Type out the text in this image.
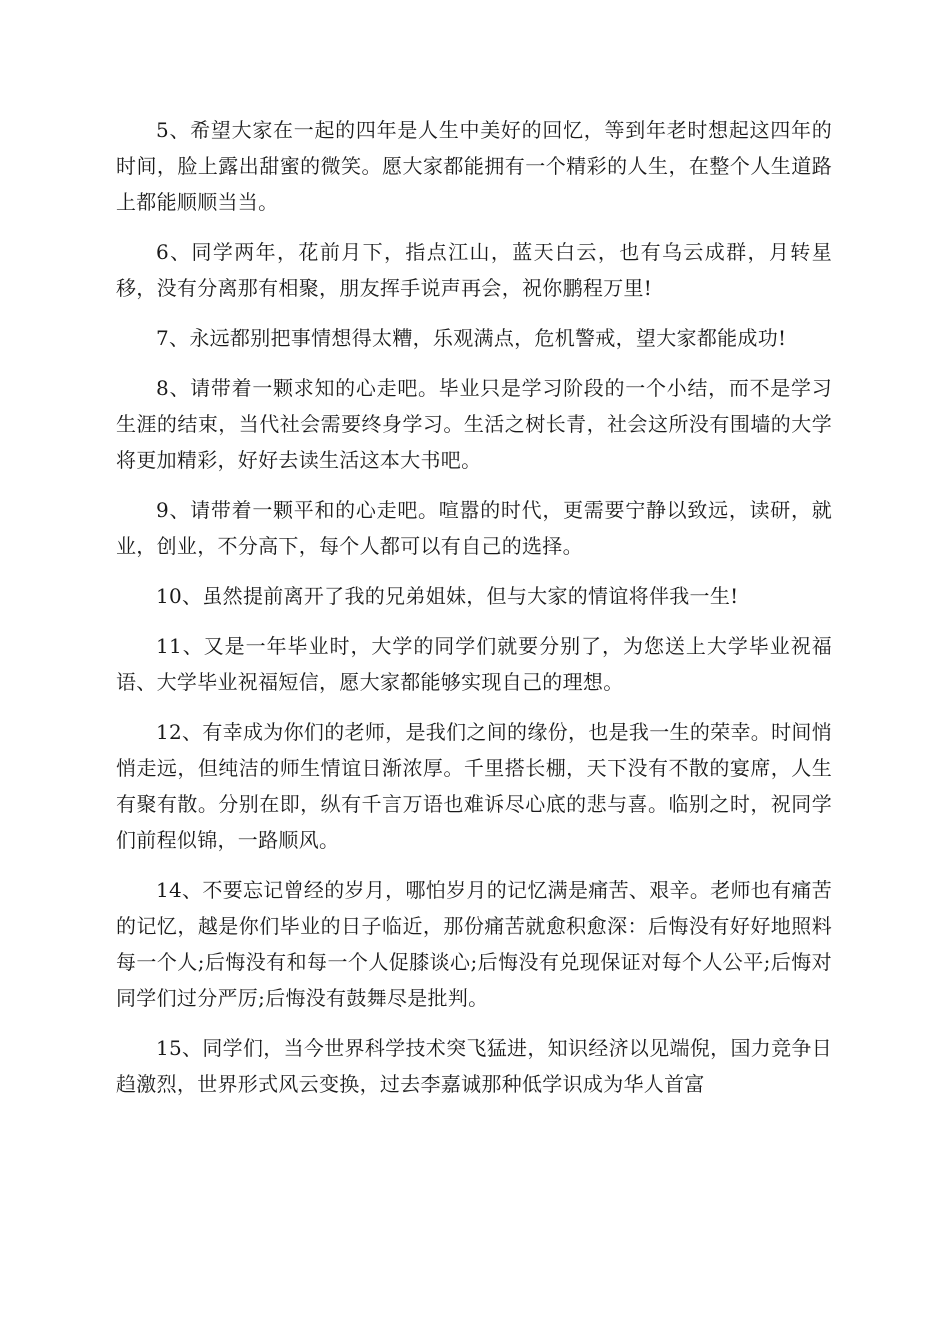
5、希望大家在一起的四年是人生中美好的回忆，等到年老时想起这四年的时间，脸上露出甜蜜的微笑。愿大家都能拥有一个精彩的人生，在整个人生道路上都能顺顺当当。

6、同学两年，花前月下，指点江山，蓝天白云，也有乌云成群，月转星移，没有分离那有相聚，朋友挥手说声再会，祝你鹏程万里!

7、永远都别把事情想得太糟，乐观满点，危机警戒，望大家都能成功!

8、请带着一颗求知的心走吧。毕业只是学习阶段的一个小结，而不是学习生涯的结束，当代社会需要终身学习。生活之树长青，社会这所没有围墙的大学将更加精彩，好好去读生活这本大书吧。

9、请带着一颗平和的心走吧。喧嚣的时代，更需要宁静以致远，读研，就业，创业，不分高下，每个人都可以有自己的选择。

10、虽然提前离开了我的兄弟姐妹，但与大家的情谊将伴我一生!

11、又是一年毕业时，大学的同学们就要分别了，为您送上大学毕业祝福语、大学毕业祝福短信，愿大家都能够实现自己的理想。

12、有幸成为你们的老师，是我们之间的缘份，也是我一生的荣幸。时间悄悄走远，但纯洁的师生情谊日渐浓厚。千里搭长棚，天下没有不散的宴席，人生有聚有散。分别在即，纵有千言万语也难诉尽心底的悲与喜。临别之时，祝同学们前程似锦，一路顺风。

14、不要忘记曾经的岁月，哪怕岁月的记忆满是痛苦、艰辛。老师也有痛苦的记忆，越是你们毕业的日子临近，那份痛苦就愈积愈深：后悔没有好好地照料每一个人;后悔没有和每一个人促膝谈心;后悔没有兑现保证对每个人公平;后悔对同学们过分严厉;后悔没有鼓舞尽是批判。

15、同学们，当今世界科学技术突飞猛进，知识经济以见端倪，国力竞争日趋激烈，世界形式风云变换，过去李嘉诚那种低学识成为华人首富
